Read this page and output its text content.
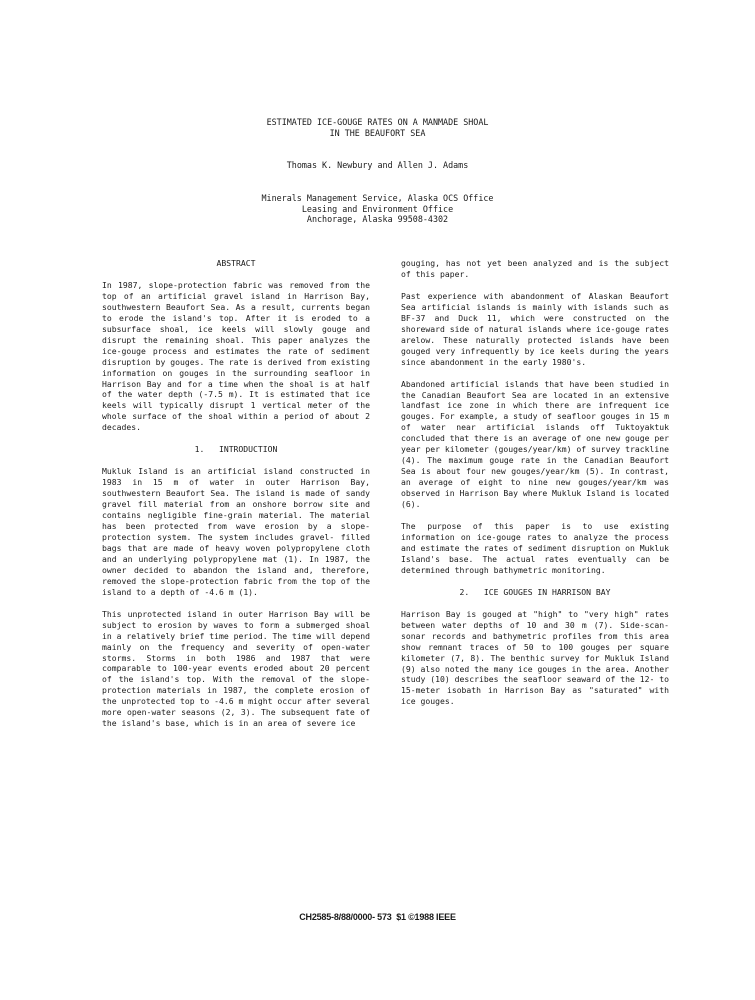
ESTIMATED ICE-GOUGE RATES ON A MANMADE SHOAL
IN THE BEAUFORT SEA
Thomas K. Newbury and Allen J. Adams
Minerals Management Service, Alaska OCS Office
Leasing and Environment Office
Anchorage, Alaska 99508-4302
ABSTRACT

In 1987, slope-protection fabric was removed from the top of an artificial gravel island in Harrison Bay, southwestern Beaufort Sea. As a result, currents began to erode the island's top. After it is eroded to a subsurface shoal, ice keels will slowly gouge and disrupt the remaining shoal. This paper analyzes the ice-gouge process and estimates the rate of sediment disruption by gouges. The rate is derived from existing information on gouges in the surrounding seafloor in Harrison Bay and for a time when the shoal is at half of the water depth (-7.5 m). It is estimated that ice keels will typically disrupt 1 vertical meter of the whole surface of the shoal within a period of about 2 decades.

1.   INTRODUCTION

Mukluk Island is an artificial island constructed in 1983 in 15 m of water in outer Harrison Bay, southwestern Beaufort Sea. The island is made of sandy gravel fill material from an onshore borrow site and contains negligible fine-grain material. The material has been protected from wave erosion by a slope-protection system. The system includes gravel- filled bags that are made of heavy woven polypropylene cloth and an underlying polypropylene mat (1). In 1987, the owner decided to abandon the island and, therefore, removed the slope-protection fabric from the top of the island to a depth of -4.6 m (1).

This unprotected island in outer Harrison Bay will be subject to erosion by waves to form a submerged shoal in a relatively brief time period. The time will depend mainly on the frequency and severity of open-water storms. Storms in both 1986 and 1987 that were comparable to 100-year events eroded about 20 percent of the island's top. With the removal of the slope-protection materials in 1987, the complete erosion of the unprotected top to -4.6 m might occur after several more open-water seasons (2, 3). The subsequent fate of the island's base, which is in an area of severe ice

gouging, has not yet been analyzed and is the subject of this paper.

Past experience with abandonment of Alaskan Beaufort Sea artificial islands is mainly with islands such as BF-37 and Duck 11, which were constructed on the shoreward side of natural islands where ice-gouge rates arelow. These naturally protected islands have been gouged very infrequently by ice keels during the years since abandonment in the early 1980's.

Abandoned artificial islands that have been studied in the Canadian Beaufort Sea are located in an extensive landfast ice zone in which there are infrequent ice gouges. For example, a study of seafloor gouges in 15 m of water near artificial islands off Tuktoyaktuk concluded that there is an average of one new gouge per year per kilometer (gouges/year/km) of survey trackline (4). The maximum gouge rate in the Canadian Beaufort Sea is about four new gouges/year/km (5). In contrast, an average of eight to nine new gouges/year/km was observed in Harrison Bay where Mukluk Island is located (6).

The purpose of this paper is to use existing information on ice-gouge rates to analyze the process and estimate the rates of sediment disruption on Mukluk Island's base. The actual rates eventually can be determined through bathymetric monitoring.

2.   ICE GOUGES IN HARRISON BAY

Harrison Bay is gouged at "high" to "very high" rates between water depths of 10 and 30 m (7). Side-scan-sonar records and bathymetric profiles from this area show remnant traces of 50 to 100 gouges per square kilometer (7, 8). The benthic survey for Mukluk Island (9) also noted the many ice gouges in the area. Another study (10) describes the seafloor seaward of the 12- to 15-meter isobath in Harrison Bay as "saturated" with ice gouges.

CH2585-8/88/0000- 573  $1 ©1988 IEEE
